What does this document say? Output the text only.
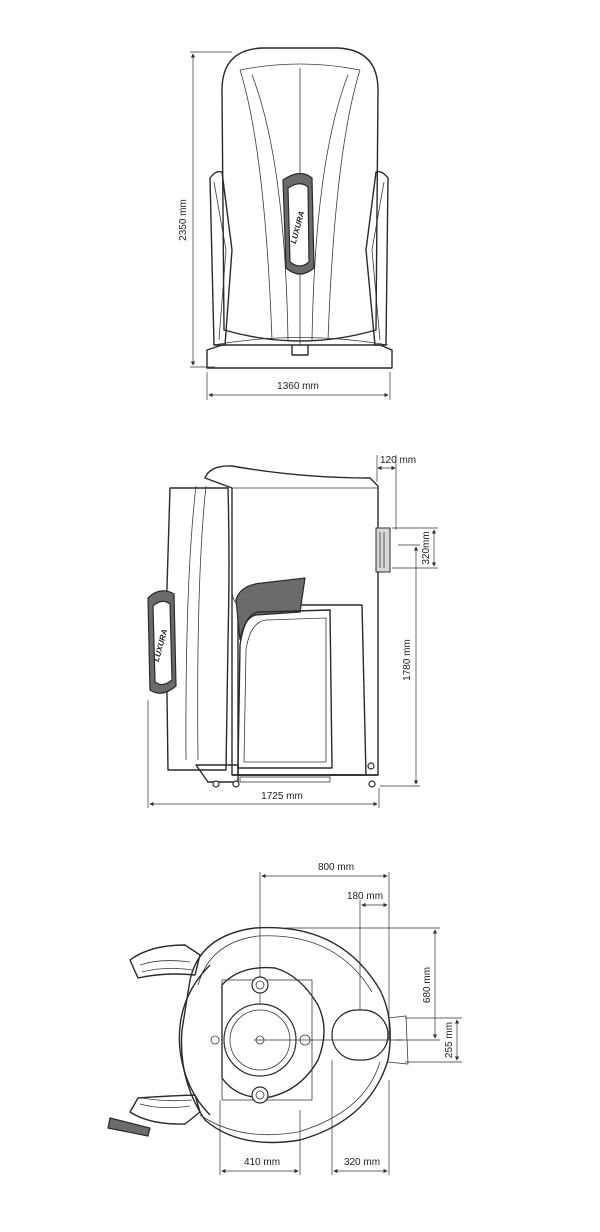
2350 mm	LUXURA
1360 mm
120 mm
320mm
1780 mm
LUXURA
1725 mm
800 mm
180 mm
680 mm
255 mm
410 mm	320 mm
